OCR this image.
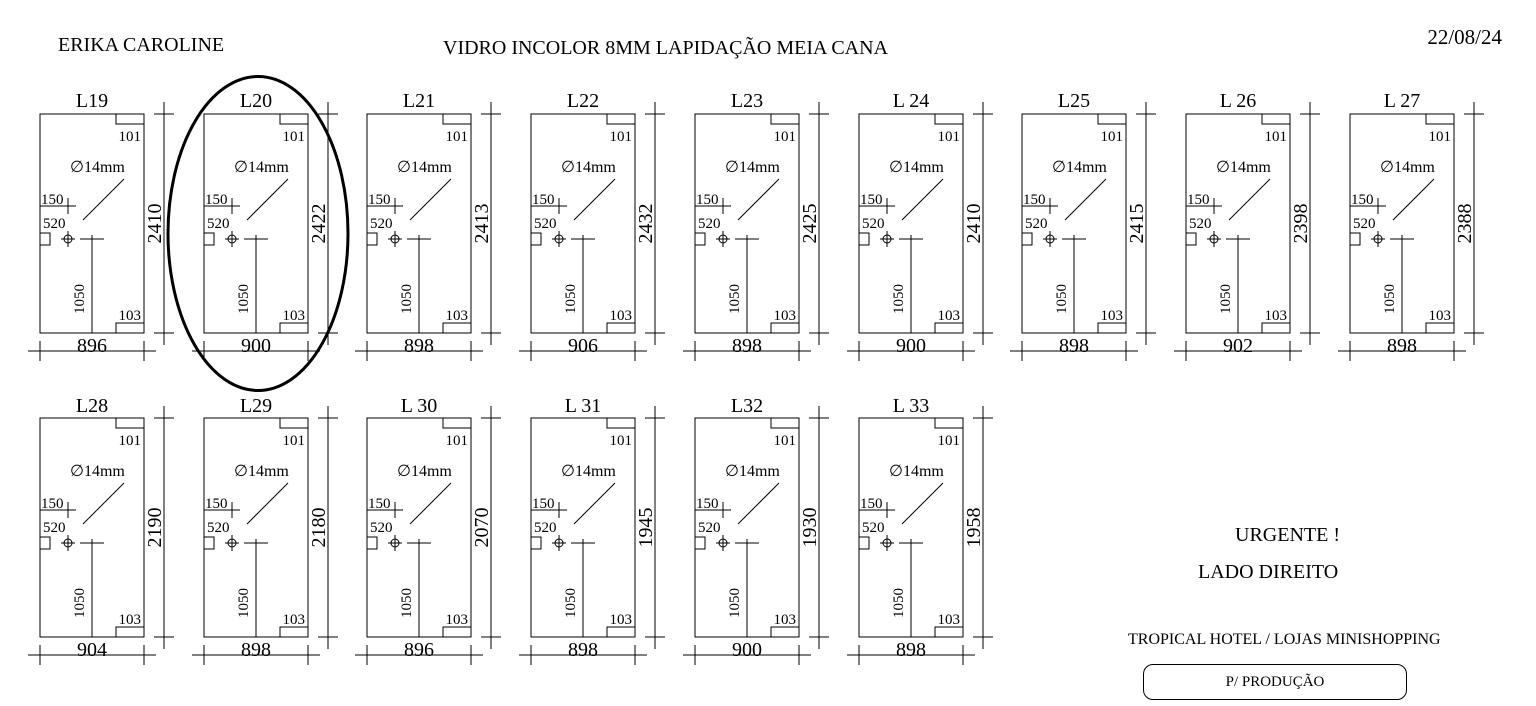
ERIKA CAROLINE	VIDRO INCOLOR 8MM LAPIDAÇÃO MEIA CANA	22/08/24
L19
101
103
∅14mm
150
520
1050
896
2410
L20
101
103
∅14mm
150
520
1050
900
2422
L21
101
103
∅14mm
150
520
1050
898
2413
L22
101
103
∅14mm
150
520
1050
906
2432
L23
101
103
∅14mm
150
520
1050
898
2425
L 24
101
103
∅14mm
150
520
1050
900
2410
L25
101
103
∅14mm
150
520
1050
898
2415
L 26
101
103
∅14mm
150
520
1050
902
2398
L 27
101
103
∅14mm
150
520
1050
898
2388
L28
101
103
∅14mm
150
520
1050
904
2190
L29
101
103
∅14mm
150
520
1050
898
2180
L 30
101
103
∅14mm
150
520
1050
896
2070
L 31
101
103
∅14mm
150
520
1050
898
1945
L32
101
103
∅14mm
150
520
1050
900
1930
L 33
101
103
∅14mm
150
520
1050
898
1958	URGENTE !
LADO DIREITO
TROPICAL HOTEL / LOJAS MINISHOPPING
P/ PRODUÇÃO
